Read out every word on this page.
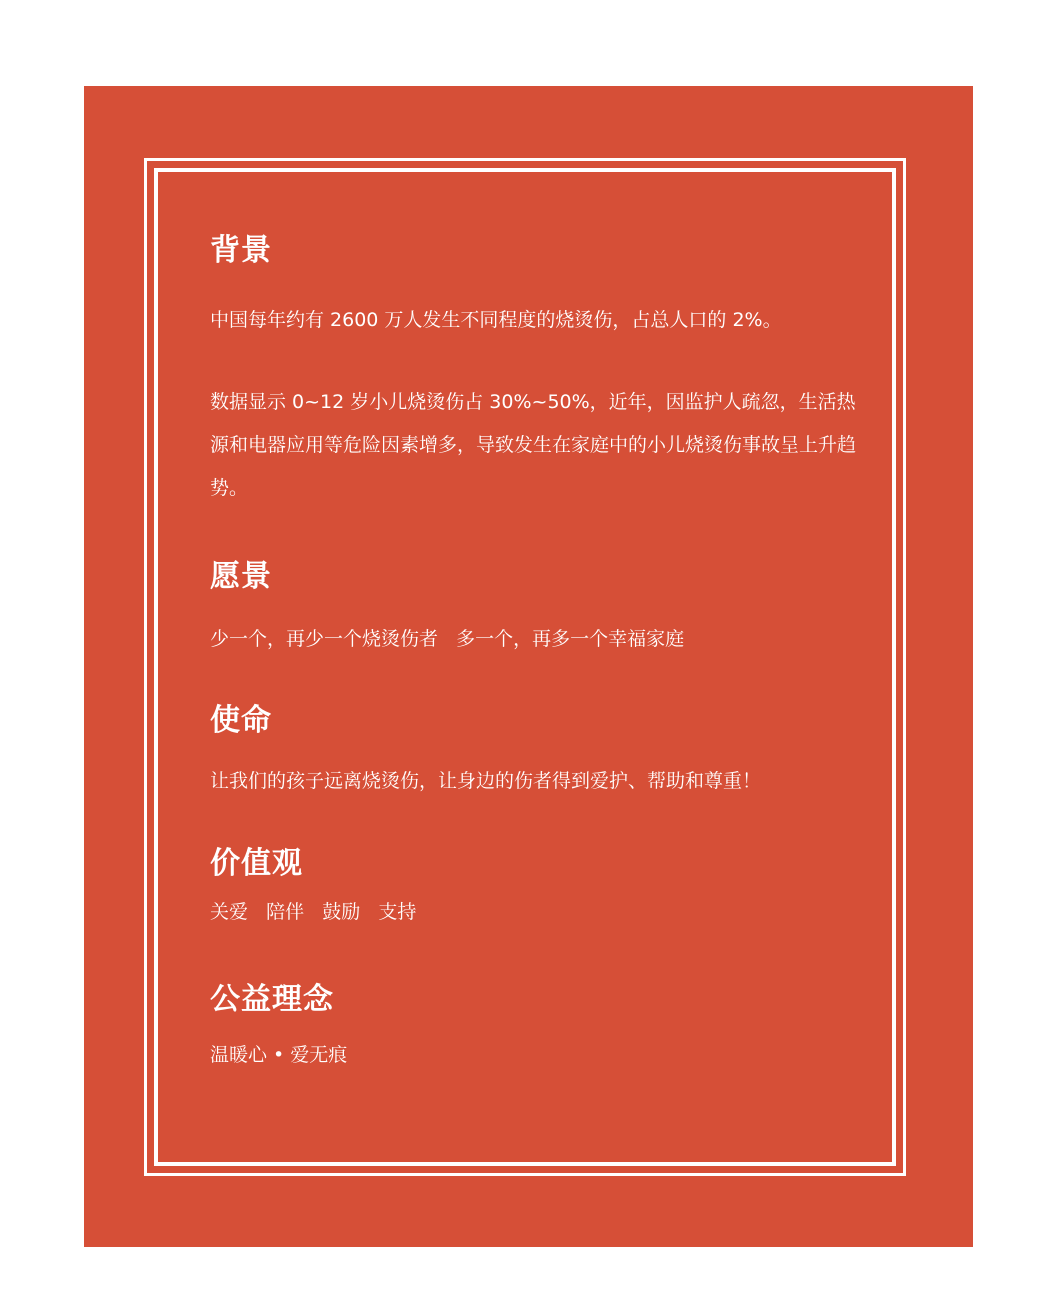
背景

中国每年约有 2600 万人发生不同程度的烧烫伤，占总人口的 2%。

数据显示 0~12 岁小儿烧烫伤占 30%~50%，近年，因监护人疏忽，生活热源和电器应用等危险因素增多，导致发生在家庭中的小儿烧烫伤事故呈上升趋势。

愿景

少一个，再少一个烧烫伤者   多一个，再多一个幸福家庭

使命

让我们的孩子远离烧烫伤，让身边的伤者得到爱护、帮助和尊重！

价值观

关爱   陪伴   鼓励   支持

公益理念

温暖心 • 爱无痕
